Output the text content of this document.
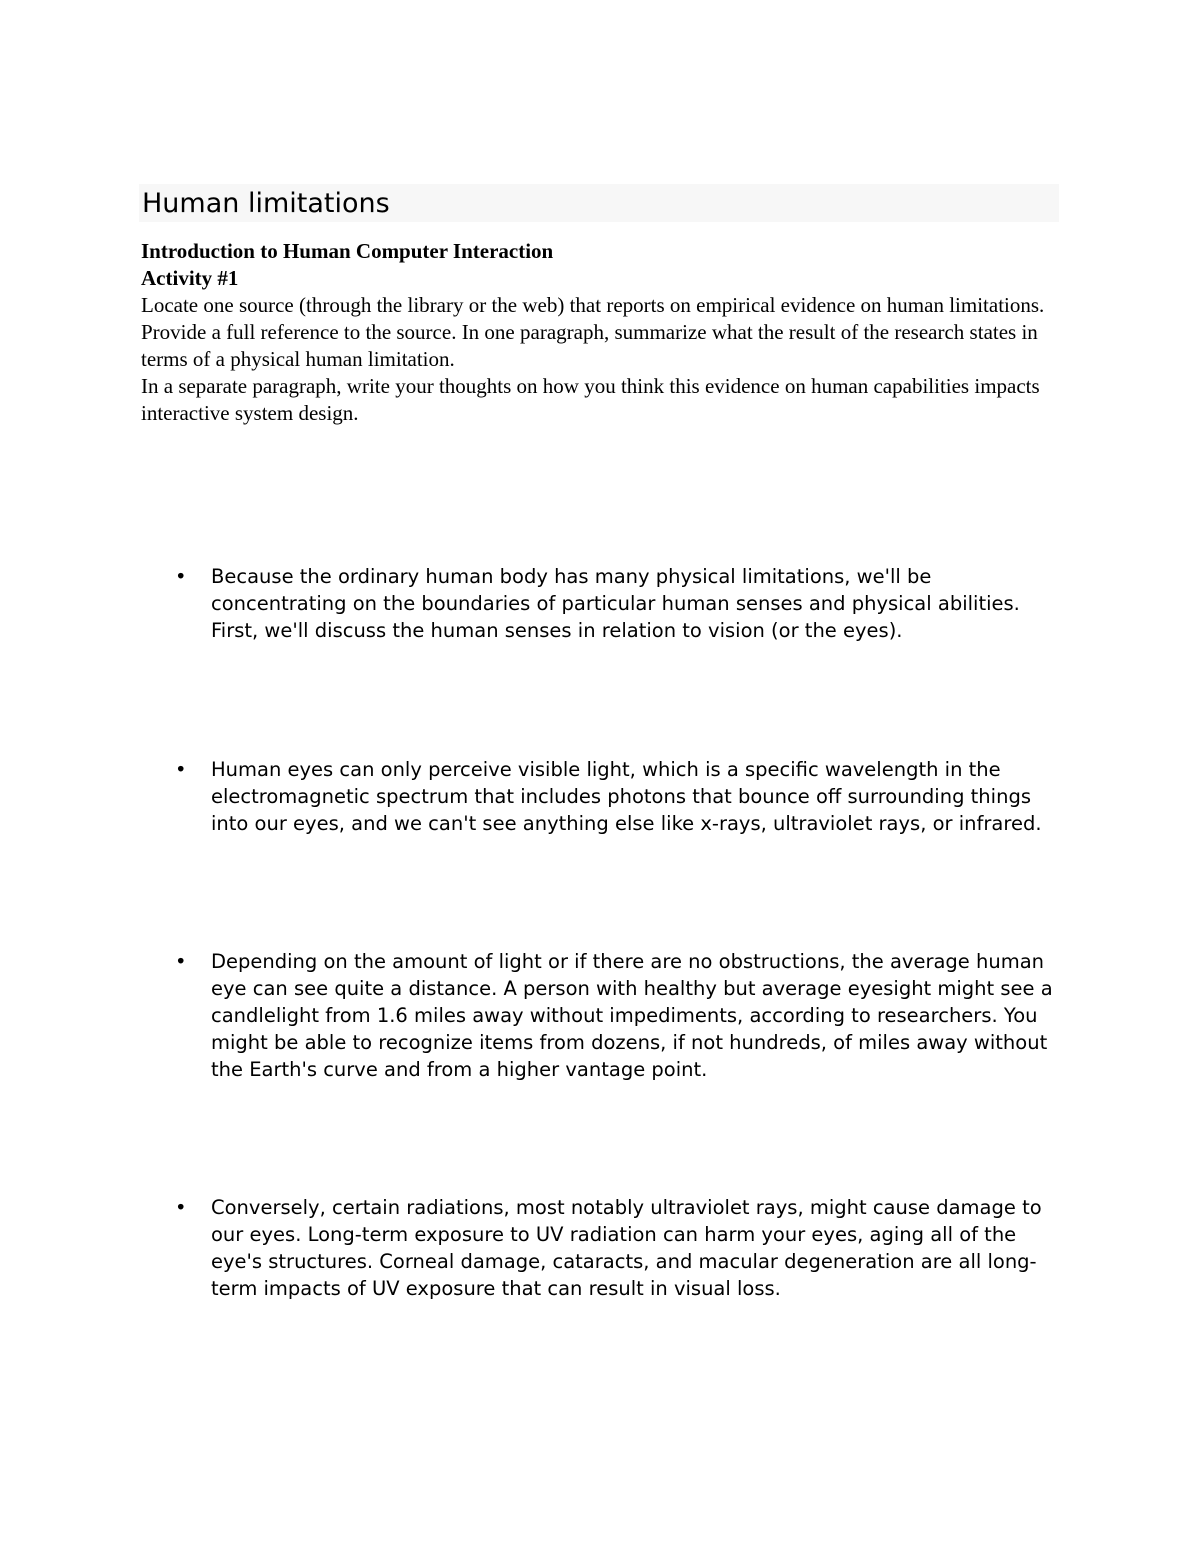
Human limitations
Introduction to Human Computer Interaction
Activity #1
Locate one source (through the library or the web) that reports on empirical evidence on human limitations. Provide a full reference to the source. In one paragraph, summarize what the result of the research states in terms of a physical human limitation.
In a separate paragraph, write your thoughts on how you think this evidence on human capabilities impacts interactive system design.
• Because the ordinary human body has many physical limitations, we'll be concentrating on the boundaries of particular human senses and physical abilities. First, we'll discuss the human senses in relation to vision (or the eyes).
• Human eyes can only perceive visible light, which is a specific wavelength in the electromagnetic spectrum that includes photons that bounce off surrounding things into our eyes, and we can't see anything else like x-rays, ultraviolet rays, or infrared.
• Depending on the amount of light or if there are no obstructions, the average human eye can see quite a distance. A person with healthy but average eyesight might see a candlelight from 1.6 miles away without impediments, according to researchers. You might be able to recognize items from dozens, if not hundreds, of miles away without the Earth's curve and from a higher vantage point.
• Conversely, certain radiations, most notably ultraviolet rays, might cause damage to our eyes. Long-term exposure to UV radiation can harm your eyes, aging all of the eye's structures. Corneal damage, cataracts, and macular degeneration are all long-term impacts of UV exposure that can result in visual loss.
